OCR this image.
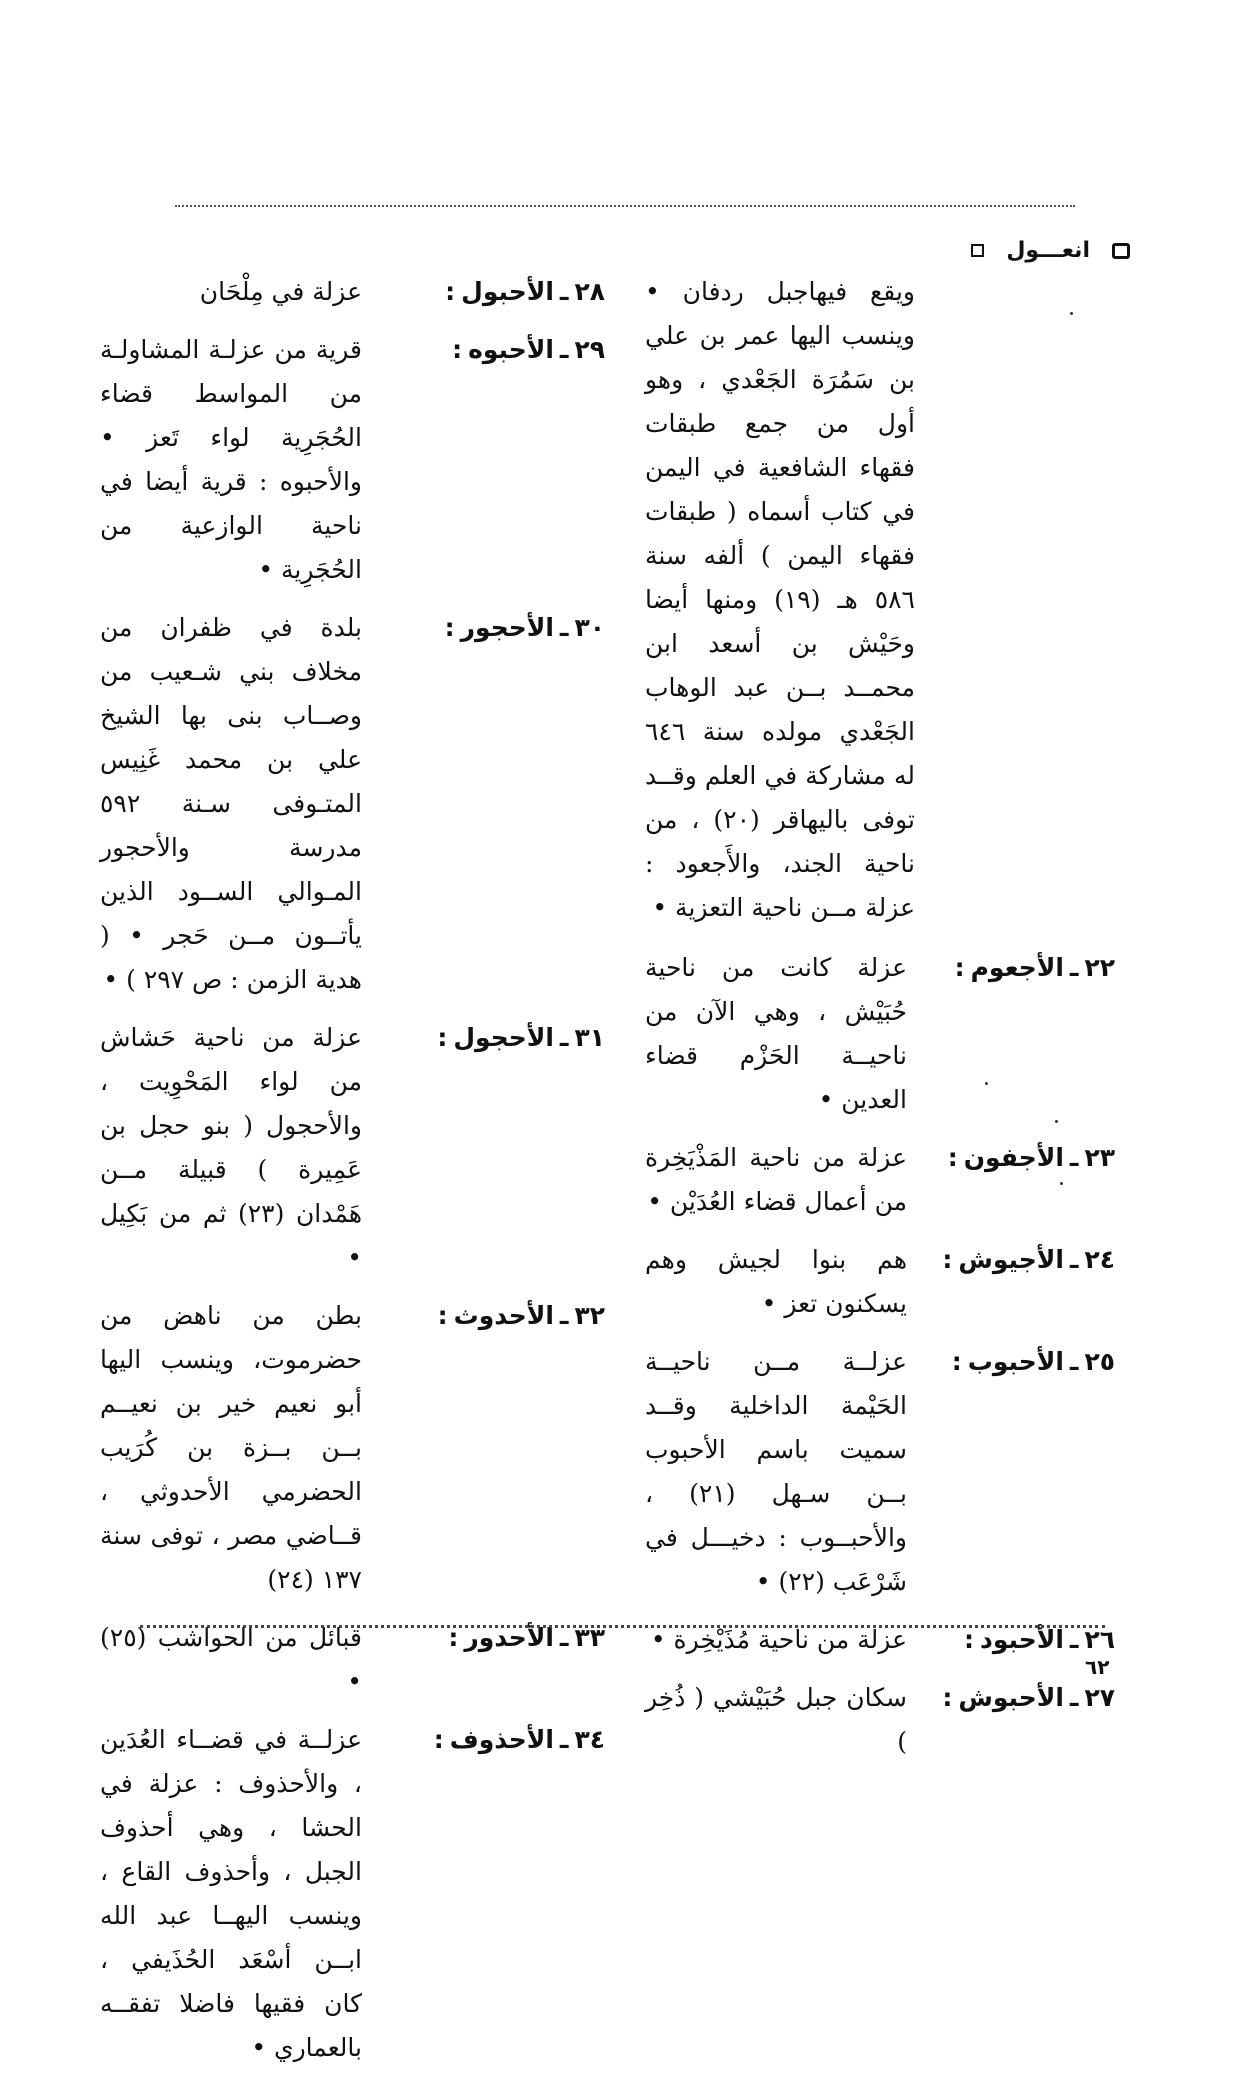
انعـــول
ويقع فيهاجبل ردفان • وينسب اليها عمر بن علي بن سَمُرَة الجَعْدي ، وهو أول من جمع طبقات فقهاء الشافعية في اليمن في كتاب أسماه ( طبقات فقهاء اليمن ) ألفه سنة ٥٨٦ هـ (١٩) ومنها أيضا وحَيْش بن أسعد ابن محمــد بــن عبد الوهاب الجَعْدي مولده سنة ٦٤٦ له مشاركة في العلم وقــد توفى باليهاقر (٢٠) ، من ناحية الجند، والأَجعود : عزلة مــن ناحية التعزية •
٢٢
ـ
الأجعوم
:
عزلة كانت من ناحية حُبَيْش ، وهي الآن من ناحيــة الحَزْم قضاء العدين •
٢٣
ـ
الأجفون
:
عزلة من ناحية المَذْيَخِرة من أعمال قضاء العُدَيْن •
٢٤
ـ
الأجيوش
:
هم بنوا لجيش وهم يسكنون تعز •
٢٥
ـ
الأحبوب
:
عزلــة مــن ناحيــة الحَيْمة الداخلية وقــد سميت باسم الأحبوب بــن سـهل (٢١) ، والأحبــوب : دخيـــل في شَرْعَب (٢٢) •
٢٦
ـ
الأحبود
:
عزلة من ناحية مُذَيْخِرة •
٢٧
ـ
الأحبوش
:
سكان جبل حُبَيْشي ( ذُخِر )
٢٨
ـ
الأحبول
:
عزلة في مِلْحَان
٢٩
ـ
الأحبوه
:
قرية من عزلـة المشاولـة من المواسط قضاء الحُجَرِية لواء تَعز • والأحبوه : قرية أيضا في ناحية الوازعية من الحُجَرِية •
٣٠
ـ
الأحجور
:
بلدة في ظفران من مخلاف بني شـعيب من وصــاب بنى بها الشيخ علي بن محمد غَنِيس المتـوفى سـنة ٥٩٢ مدرسة والأحجور المـوالي الســود الذين يأتــون مــن حَجر • ( هدية الزمن : ص ٢٩٧ ) •
٣١
ـ
الأحجول
:
عزلة من ناحية حَشاش من لواء المَحْوِيت ، والأحجول ( بنو حجل بن عَمِيرة ) قبيلة مــن هَمْدان (٢٣) ثم من بَكِيل •
٣٢
ـ
الأحدوث
:
بطن من ناهض من حضرموت، وينسب اليها أبو نعيم خير بن نعيــم بــن بــزة بن كُرَيب الحضرمي الأحدوثي ، قــاضي مصر ، توفى سنة ١٣٧ (٢٤)
٣٣
ـ
الأحدور
:
قبائل من الحواشب (٢٥) •
٣٤
ـ
الأحذوف
:
عزلــة في قضــاء العُدَين ، والأحذوف : عزلة في الحشا ، وهي أحذوف الجبل ، وأحذوف القاع ، وينسب اليهــا عبد الله ابــن أسْعَد الحُذَيفي ، كان فقيها فاضلا تفقــه بالعماري •
٦٢
